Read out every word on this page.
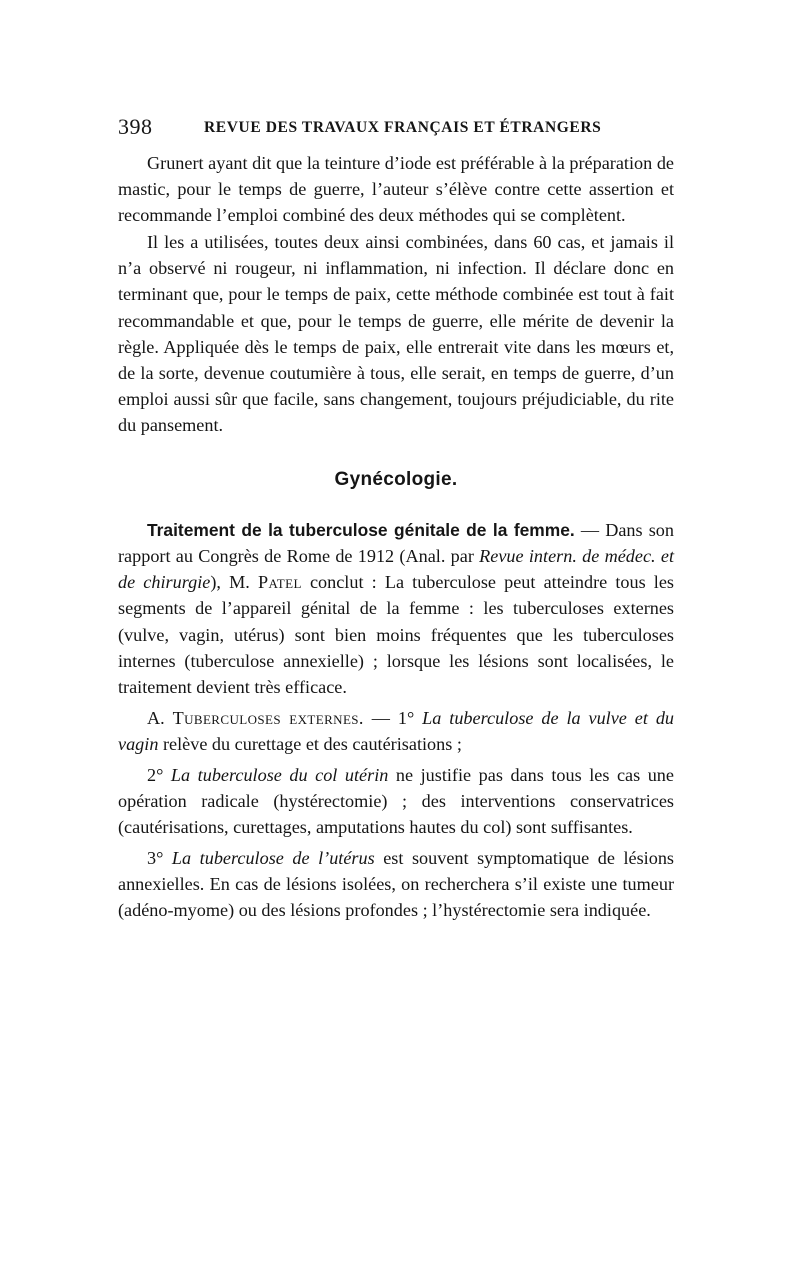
398	REVUE DES TRAVAUX FRANÇAIS ET ÉTRANGERS

Grunert ayant dit que la teinture d’iode est préférable à la préparation de mastic, pour le temps de guerre, l’auteur s’élève contre cette assertion et recommande l’emploi combiné des deux méthodes qui se complètent.

Il les a utilisées, toutes deux ainsi combinées, dans 60 cas, et jamais il n’a observé ni rougeur, ni inflammation, ni infection. Il déclare donc en terminant que, pour le temps de paix, cette méthode combinée est tout à fait recommandable et que, pour le temps de guerre, elle mérite de devenir la règle. Appliquée dès le temps de paix, elle entrerait vite dans les mœurs et, de la sorte, devenue coutumière à tous, elle serait, en temps de guerre, d’un emploi aussi sûr que facile, sans changement, toujours préjudiciable, du rite du pansement.

Gynécologie.

Traitement de la tuberculose génitale de la femme. — Dans son rapport au Congrès de Rome de 1912 (Anal. par Revue intern. de médec. et de chirurgie), M. Patel conclut : La tuberculose peut atteindre tous les segments de l’appareil génital de la femme : les tuberculoses externes (vulve, vagin, utérus) sont bien moins fréquentes que les tuberculoses internes (tuberculose annexielle) ; lorsque les lésions sont localisées, le traitement devient très efficace.

A. Tuberculoses externes. — 1° La tuberculose de la vulve et du vagin relève du curettage et des cautérisations ;

2° La tuberculose du col utérin ne justifie pas dans tous les cas une opération radicale (hystérectomie) ; des interventions conservatrices (cautérisations, curettages, amputations hautes du col) sont suffisantes.

3° La tuberculose de l’utérus est souvent symptomatique de lésions annexielles. En cas de lésions isolées, on recherchera s’il existe une tumeur (adéno-myome) ou des lésions profondes ; l’hystérectomie sera indiquée.
